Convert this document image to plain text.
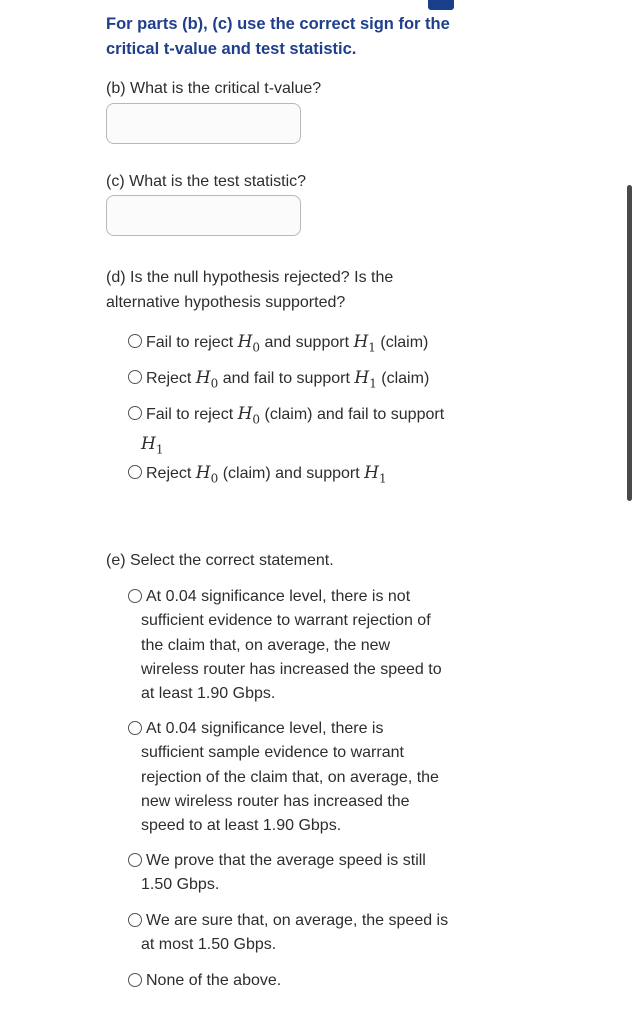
For parts (b), (c) use the correct sign for the
critical t-value and test statistic.
(b) What is the critical t-value?
(c) What is the test statistic?
(d) Is the null hypothesis rejected? Is the
alternative hypothesis supported?
Fail to reject $H_0$ and support $H_1$ (claim)
Reject $H_0$ and fail to support $H_1$ (claim)
Fail to reject $H_0$ (claim) and fail to support
$H_1$
Reject $H_0$ (claim) and support $H_1$
(e) Select the correct statement.
At 0.04 significance level, there is not
sufficient evidence to warrant rejection of
the claim that, on average, the new
wireless router has increased the speed to
at least 1.90 Gbps.
At 0.04 significance level, there is
sufficient sample evidence to warrant
rejection of the claim that, on average, the
new wireless router has increased the
speed to at least 1.90 Gbps.
We prove that the average speed is still
1.50 Gbps.
We are sure that, on average, the speed is
at most 1.50 Gbps.
None of the above.
